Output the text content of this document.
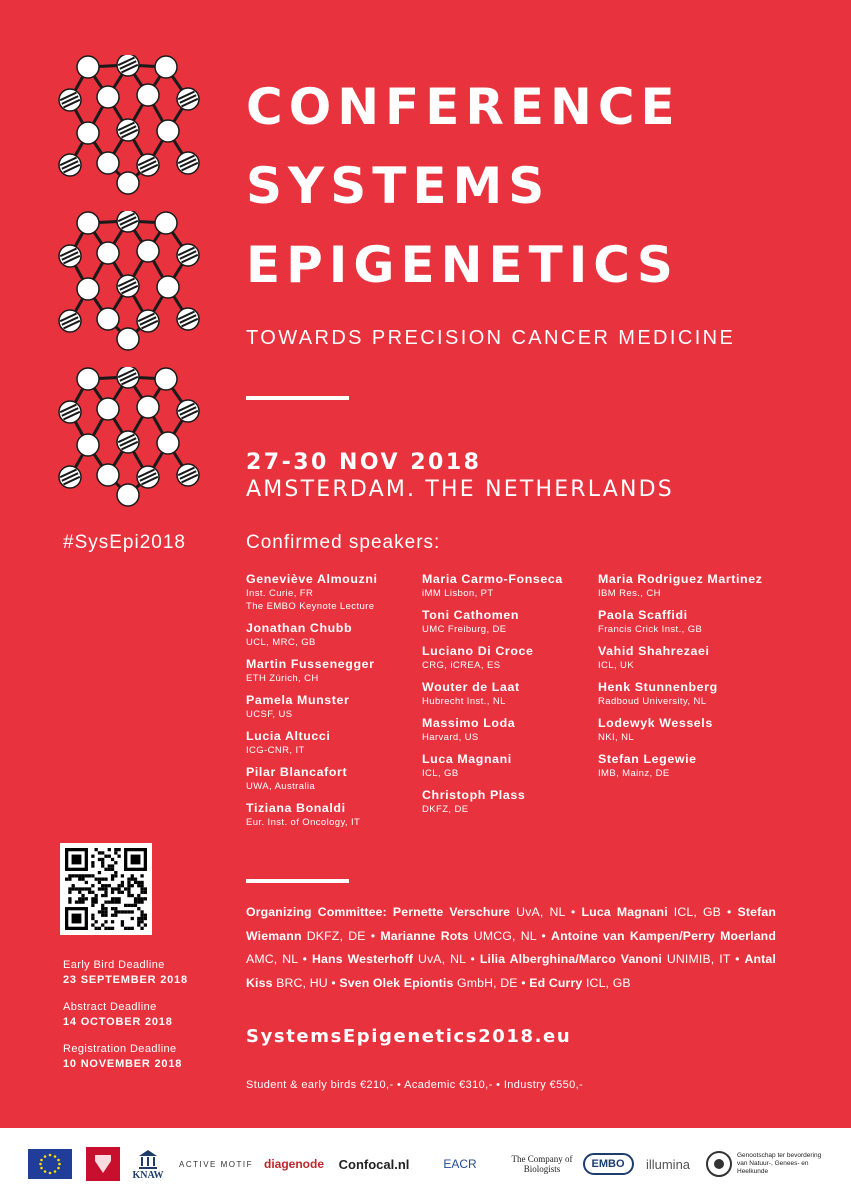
CONFERENCE
SYSTEMS
EPIGENETICS
TOWARDS PRECISION CANCER MEDICINE
27-30 NOV 2018
AMSTERDAM. THE NETHERLANDS
#SysEpi2018	Confirmed speakers:
Geneviève Almouzni
Inst. Curie, FR
The EMBO Keynote Lecture
Jonathan Chubb
UCL, MRC, GB
Martin Fussenegger
ETH Zürich, CH
Pamela Munster
UCSF, US
Lucia Altucci
ICG-CNR, IT
Pilar Blancafort
UWA, Australia
Tiziana Bonaldi
Eur. Inst. of Oncology, IT
Maria Carmo-Fonseca
iMM Lisbon, PT
Toni Cathomen
UMC Freiburg, DE
Luciano Di Croce
CRG, iCREA, ES
Wouter de Laat
Hubrecht Inst., NL
Massimo Loda
Harvard, US
Luca Magnani
ICL, GB
Christoph Plass
DKFZ, DE
Maria Rodriguez Martinez
IBM Res., CH
Paola Scaffidi
Francis Crick Inst., GB
Vahid Shahrezaei
ICL, UK
Henk Stunnenberg
Radboud University, NL
Lodewyk Wessels
NKI, NL
Stefan Legewie
IMB, Mainz, DE
Early Bird Deadline
23 SEPTEMBER 2018
Abstract Deadline
14 OCTOBER 2018
Registration Deadline
10 NOVEMBER 2018
Organizing Committee: Pernette Verschure UvA, NL • Luca Magnani ICL, GB • Stefan Wiemann DKFZ, DE • Marianne Rots UMCG, NL • Antoine van Kampen/Perry Moerland AMC, NL • Hans Westerhoff UvA, NL • Lilia Alberghina/Marco Vanoni UNIMIB, IT • Antal Kiss BRC, HU • Sven Olek Epiontis GmbH, DE • Ed Curry ICL, GB
SystemsEpigenetics2018.eu
Student & early birds €210,- • Academic €310,- • Industry €550,-
KNAW
ACTIVE MOTIF diagenode Confocal.nl	EACR	The Company of Biologists	EMBO	illumina
Genootschap ter bevordering van Natuur-, Genees- en Heelkunde
